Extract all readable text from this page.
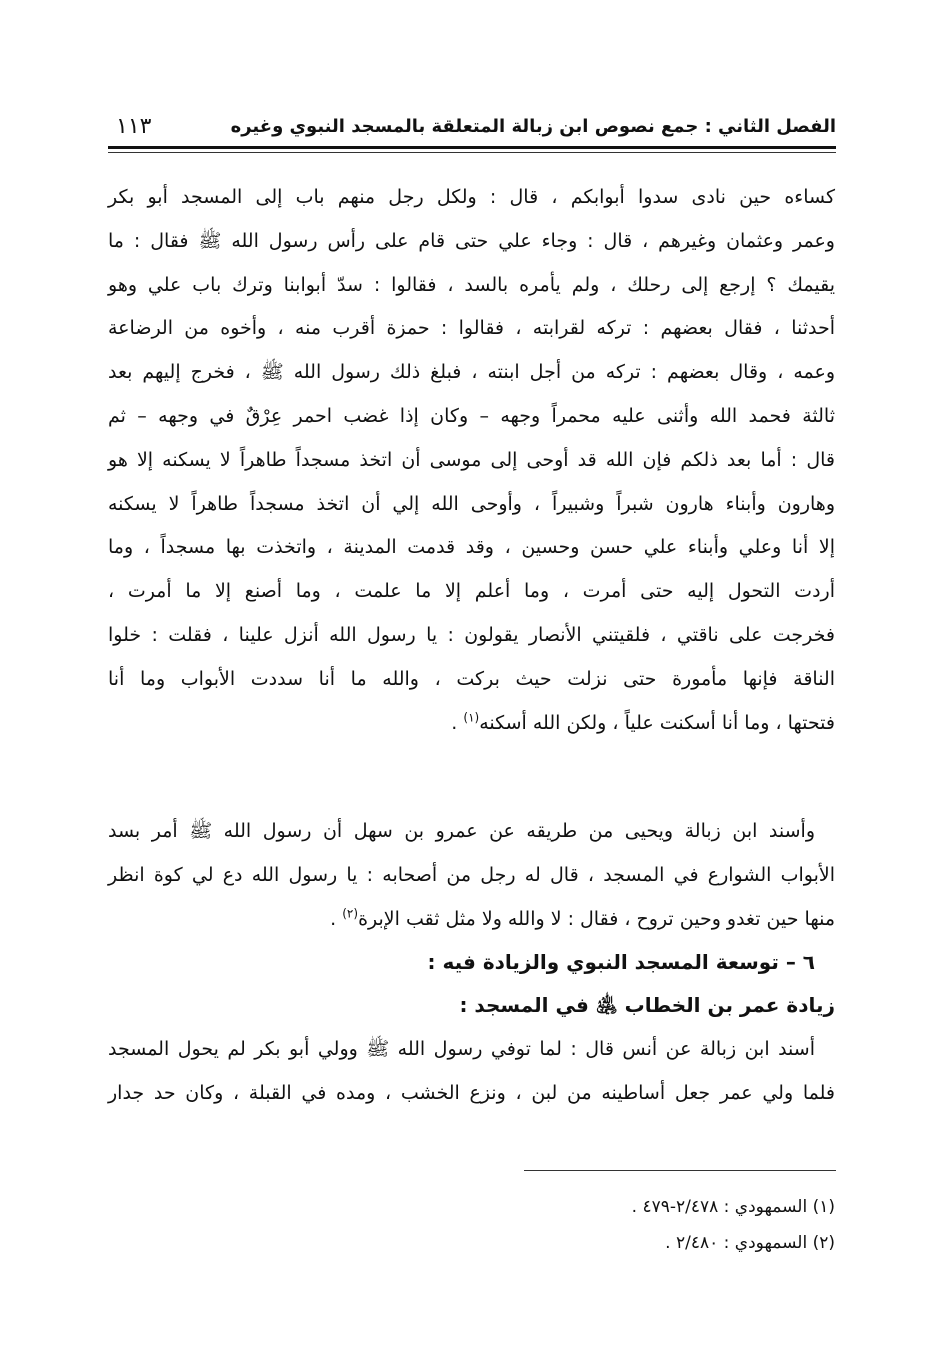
الفصل الثاني : جمع نصوص ابن زبالة المتعلقة بالمسجد النبوي وغيره
١١٣
كساءه حين نادى سدوا أبوابكم ، قال : ولكل رجل منهم باب إلى المسجد أبو بكر
وعمر وعثمان وغيرهم ، قال : وجاء علي حتى قام على رأس رسول الله ﷺ فقال : ما
يقيمك ؟ إرجع إلى رحلك ، ولم يأمره بالسد ، فقالوا : سدّ أبوابنا وترك باب علي وهو
أحدثنا ، فقال بعضهم : تركه لقرابته ، فقالوا : حمزة أقرب منه ، وأخوه من الرضاعة
وعمه ، وقال بعضهم : تركه من أجل ابنته ، فبلغ ذلك رسول الله ﷺ ، فخرج إليهم بعد
ثالثة فحمد الله وأثنى عليه محمراً وجهه – وكان إذا غضب احمر عِرْقٌ في وجهه – ثم
قال : أما بعد ذلكم فإن الله قد أوحى إلى موسى أن اتخذ مسجداً طاهراً لا يسكنه إلا هو
وهارون وأبناء هارون شبراً وشبيراً ، وأوحى الله إلي أن اتخذ مسجداً طاهراً لا يسكنه
إلا أنا وعلي وأبناء علي حسن وحسين ، وقد قدمت المدينة ، واتخذت بها مسجداً ، وما
أردت التحول إليه حتى أمرت ، وما أعلم إلا ما علمت ، وما أصنع إلا ما أمرت ،
فخرجت على ناقتي ، فلقيتني الأنصار يقولون : يا رسول الله أنزل علينا ، فقلت : خلوا
الناقة فإنها مأمورة حتى نزلت حيث بركت ، والله ما أنا سددت الأبواب وما أنا
فتحتها ، وما أنا أسكنت علياً ، ولكن الله أسكنه$^{(١)}$ .
وأسند ابن زبالة ويحيى من طريقه عن عمرو بن سهل أن رسول الله ﷺ أمر بسد
الأبواب الشوارع في المسجد ، قال له رجل من أصحابه : يا رسول الله دع لي كوة انظر
منها حين تغدو وحين تروح ، فقال : لا والله ولا مثل ثقب الإبرة$^{(٢)}$ .
٦ – توسعة المسجد النبوي والزيادة فيه :
زيادة عمر بن الخطاب ﵁ في المسجد :
أسند ابن زبالة عن أنس قال : لما توفي رسول الله ﷺ وولي أبو بكر لم يحول المسجد
فلما ولي عمر جعل أساطينه من لبن ، ونزع الخشب ، ومده في القبلة ، وكان حد جدار
(١) السمهودي : ٢/٤٧٨-٤٧٩ .
(٢) السمهودي : ٢/٤٨٠ .
